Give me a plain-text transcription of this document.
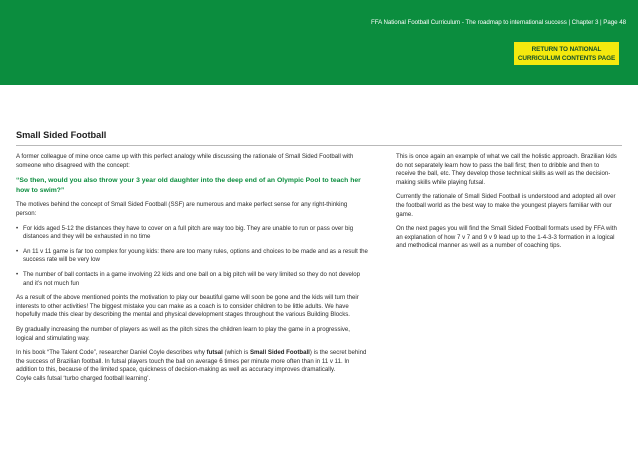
FFA National Football Curriculum - The roadmap to international success | Chapter 3 | Page 48
RETURN TO NATIONAL
CURRICULUM CONTENTS PAGE
Small Sided Football

A former colleague of mine once came up with this perfect analogy while discussing the rationale of Small Sided Football with someone who disagreed with the concept:

“So then, would you also throw your 3 year old daughter into the deep end of an Olympic Pool to teach her how to swim?”

The motives behind the concept of Small Sided Football (SSF) are numerous and make perfect sense for any right-thinking person:

• For kids aged 5-12 the distances they have to cover on a full pitch are way too big. They are unable to run or pass over big distances and they will be exhausted in no time
• An 11 v 11 game is far too complex for young kids: there are too many rules, options and choices to be made and as a result the success rate will be very low
• The number of ball contacts in a game involving 22 kids and one ball on a big pitch will be very limited so they do not develop and it’s not much fun

As a result of the above mentioned points the motivation to play our beautiful game will soon be gone and the kids will turn their interests to other activities! The biggest mistake you can make as a coach is to consider children to be little adults. We have hopefully made this clear by describing the mental and physical development stages throughout the various Building Blocks.

By gradually increasing the number of players as well as the pitch sizes the children learn to play the game in a progressive, logical and stimulating way.

In his book “The Talent Code”, researcher Daniel Coyle describes why futsal (which is Small Sided Football) is the secret behind the success of Brazilian football. In futsal players touch the ball on average 6 times per minute more often than in 11 v 11. In addition to this, because of the limited space, quickness of decision-making as well as accuracy improves dramatically.

Coyle calls futsal ‘turbo charged football learning’.

This is once again an example of what we call the holistic approach. Brazilian kids do not separately learn how to pass the ball first; then to dribble and then to receive the ball, etc. They develop those technical skills as well as the decision-making skills while playing futsal.

Currently the rationale of Small Sided Football is understood and adopted all over the football world as the best way to make the youngest players familiar with our game.

On the next pages you will find the Small Sided Football formats used by FFA with an explanation of how 7 v 7 and 9 v 9 lead up to the 1-4-3-3 formation in a logical and methodical manner as well as a number of coaching tips.
